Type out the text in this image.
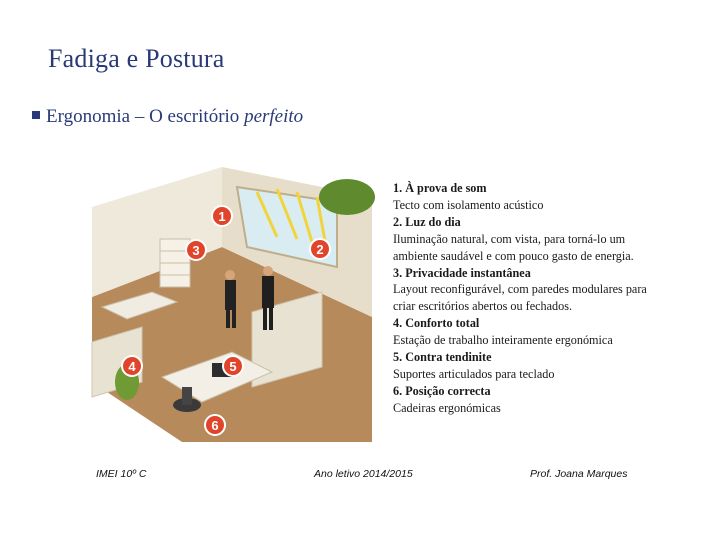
Fadiga e Postura
Ergonomia – O escritório perfeito
1
2
3
4	5
6
1. À prova de som
Tecto com isolamento acústico
2. Luz do dia
Iluminação natural, com vista, para torná-lo um ambiente saudável e com pouco gasto de energia.
3. Privacidade instantânea
Layout reconfigurável, com paredes modulares para criar escritórios abertos ou fechados.
4. Conforto total
Estação de trabalho inteiramente ergonómica
5. Contra tendinite
Suportes articulados para teclado
6. Posição correcta
Cadeiras ergonómicas
IMEI 10º C	Ano letivo 2014/2015	Prof. Joana Marques
